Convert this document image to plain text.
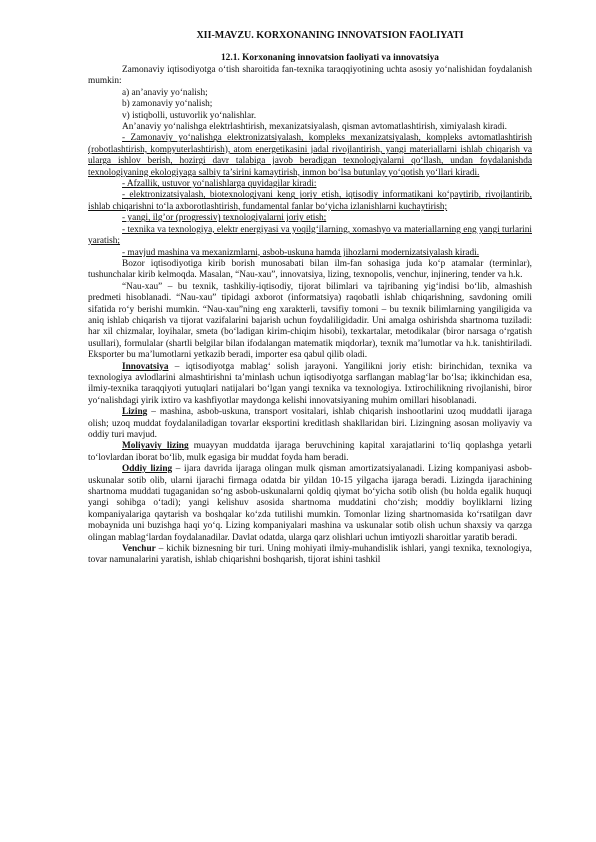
XII-MAVZU. KORXONANING INNOVATSION FAOLIYATI
12.1. Korxonaning innovatsion faoliyati va innovatsiya

Zamonaviy iqtisodiyotga o‘tish sharoitida fan-texnika taraqqiyotining uchta asosiy yo‘nalishidan foydalanish mumkin:

a) an’anaviy yo‘nalish;

b) zamonaviy yo‘nalish;

v) istiqbolli, ustuvorlik yo‘nalishlar.

An’anaviy yo‘nalishga elektrlashtirish, mexanizatsiyalash, qisman avtomatlashtirish, ximiyalash kiradi.

- Zamonaviy yo‘nalishga elektronizatsiyalash, kompleks mexanizatsiyalash, kompleks avtomatlashtirish (robotlashtirish, kompyuterlashtirish), atom energetikasini jadal rivojlantirish, yangi materiallarni ishlab chiqarish va ularga ishlov berish, hozirgi davr talabiga javob beradigan texnologiyalarni qo‘llash, undan foydalanishda texnologiyaning ekologiyaga salbiy ta’sirini kamaytirish, inmon bo‘lsa butunlay yo‘qotish yo‘llari kiradi.

- Afzallik, ustuvor yo‘nalishlarga quyidagilar kiradi:

- elektronizatsiyalash, biotexnologiyani keng joriy etish, iqtisodiy informatikani ko‘paytirib, rivojlantirib, ishlab chiqarishni to‘la axborotlashtirish, fundamental fanlar bo‘yicha izlanishlarni kuchaytirish;

- yangi, ilg’or (progressiv) texnologiyalarni joriy etish;

- texnika va texnologiya, elektr energiyasi va yoqilg‘ilarning, xomashyo va materiallarning eng yangi turlarini yaratish;

- mavjud mashina va mexanizmlarni, asbob-uskuna hamda jihozlarni modernizatsiyalash kiradi.

Bozor iqtisodiyotiga kirib borish munosabati bilan ilm-fan sohasiga juda ko‘p atamalar (terminlar), tushunchalar kirib kelmoqda. Masalan, “Nau-xau”, innovatsiya, lizing, texnopolis, venchur, injinering, tender va h.k.

“Nau-xau” – bu texnik, tashkiliy-iqtisodiy, tijorat bilimlari va tajribaning yig‘indisi bo‘lib, almashish predmeti hisoblanadi. “Nau-xau” tipidagi axborot (informatsiya) raqobatli ishlab chiqarishning, savdoning omili sifatida ro‘y berishi mumkin. “Nau-xau”ning eng xarakterli, tavsifiy tomoni – bu texnik bilimlarning yangiligida va aniq ishlab chiqarish va tijorat vazifalarini bajarish uchun foydaliligidadir. Uni amalga oshirishda shartnoma tuziladi: har xil chizmalar, loyihalar, smeta (bo‘ladigan kirim-chiqim hisobi), texkartalar, metodikalar (biror narsaga o‘rgatish usullari), formulalar (shartli belgilar bilan ifodalangan matematik miqdorlar), texnik ma’lumotlar va h.k. tanishtiriladi. Eksporter bu ma’lumotlarni yetkazib beradi, importer esa qabul qilib oladi.

Innovatsiya – iqtisodiyotga mablag‘ solish jarayoni. Yangilikni joriy etish: birinchidan, texnika va texnologiya avlodlarini almashtirishni ta’minlash uchun iqtisodiyotga sarflangan mablag‘lar bo‘lsa; ikkinchidan esa, ilmiy-texnika taraqqiyoti yutuqlari natijalari bo‘lgan yangi texnika va texnologiya. Ixtirochilikning rivojlanishi, biror yo‘nalishdagi yirik ixtiro va kashfiyotlar maydonga kelishi innovatsiyaning muhim omillari hisoblanadi.

Lizing – mashina, asbob-uskuna, transport vositalari, ishlab chiqarish inshootlarini uzoq muddatli ijaraga olish; uzoq muddat foydalaniladigan tovarlar eksportini kreditlash shakllaridan biri. Lizingning asosan moliyaviy va oddiy turi mavjud.

Moliyaviy lizing muayyan muddatda ijaraga beruvchining kapital xarajatlarini to‘liq qoplashga yetarli to‘lovlardan iborat bo‘lib, mulk egasiga bir muddat foyda ham beradi.

Oddiy lizing – ijara davrida ijaraga olingan mulk qisman amortizatsiyalanadi. Lizing kompaniyasi asbob-uskunalar sotib olib, ularni ijarachi firmaga odatda bir yildan 10-15 yilgacha ijaraga beradi. Lizingda ijarachining shartnoma muddati tugaganidan so‘ng asbob-uskunalarni qoldiq qiymat bo‘yicha sotib olish (bu holda egalik huquqi yangi sohibga o‘tadi); yangi kelishuv asosida shartnoma muddatini cho‘zish; moddiy boyliklarni lizing kompaniyalariga qaytarish va boshqalar ko‘zda tutilishi mumkin. Tomonlar lizing shartnomasida ko‘rsatilgan davr mobaynida uni buzishga haqi yo‘q. Lizing kompaniyalari mashina va uskunalar sotib olish uchun shaxsiy va qarzga olingan mablag‘lardan foydalanadilar. Davlat odatda, ularga qarz olishlari uchun imtiyozli sharoitlar yaratib beradi.

Venchur – kichik biznesning bir turi. Uning mohiyati ilmiy-muhandislik ishlari, yangi texnika, texnologiya, tovar namunalarini yaratish, ishlab chiqarishni boshqarish, tijorat ishini tashkil
